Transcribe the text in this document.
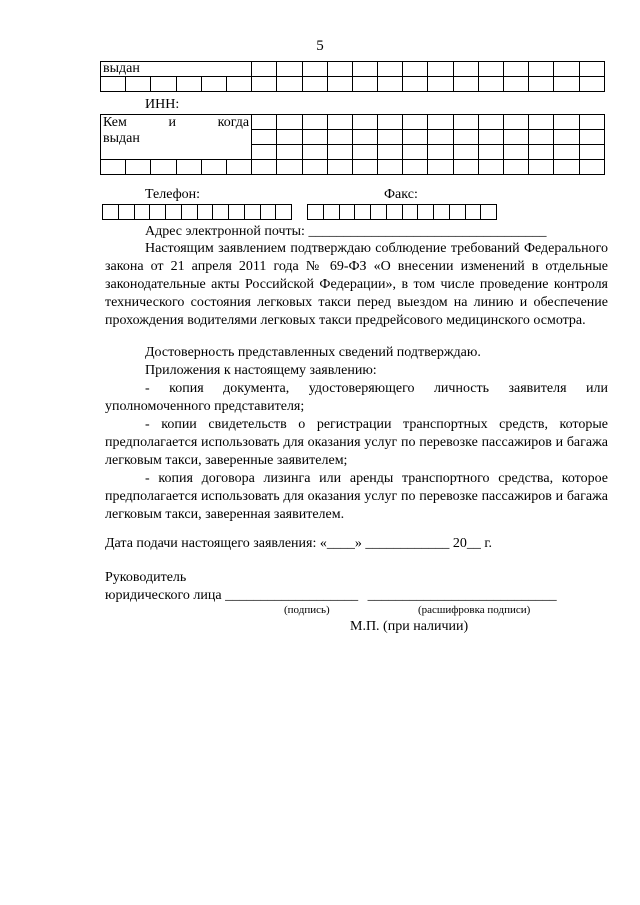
5
выдан																			

ИНН:
Кем и когда
выдан																			

Телефон:	Факс:

Адрес электронной почты: __________________________________
Настоящим заявлением подтверждаю соблюдение требований Федерального закона от 21 апреля 2011 года № 69-ФЗ «О внесении изменений в отдельные законодательные акты Российской Федерации», в том числе проведение контроля технического состояния легковых такси перед выездом на линию и обеспечение прохождения водителями легковых такси предрейсового медицинского осмотра.
Достоверность представленных сведений подтверждаю.
Приложения к настоящему заявлению:
- копия документа, удостоверяющего личность заявителя или уполномоченного представителя;
- копии свидетельств о регистрации транспортных средств, которые предполагается использовать для оказания услуг по перевозке пассажиров и багажа легковым такси, заверенные заявителем;
- копия договора лизинга или аренды транспортного средства, которое предполагается использовать для оказания услуг по перевозке пассажиров и багажа легковым такси, заверенная заявителем.
Дата подачи настоящего заявления: «____» ____________ 20__ г.
Руководитель
юридического лица ___________________ ___________________________
(подпись)	(расшифровка подписи)
М.П. (при наличии)
